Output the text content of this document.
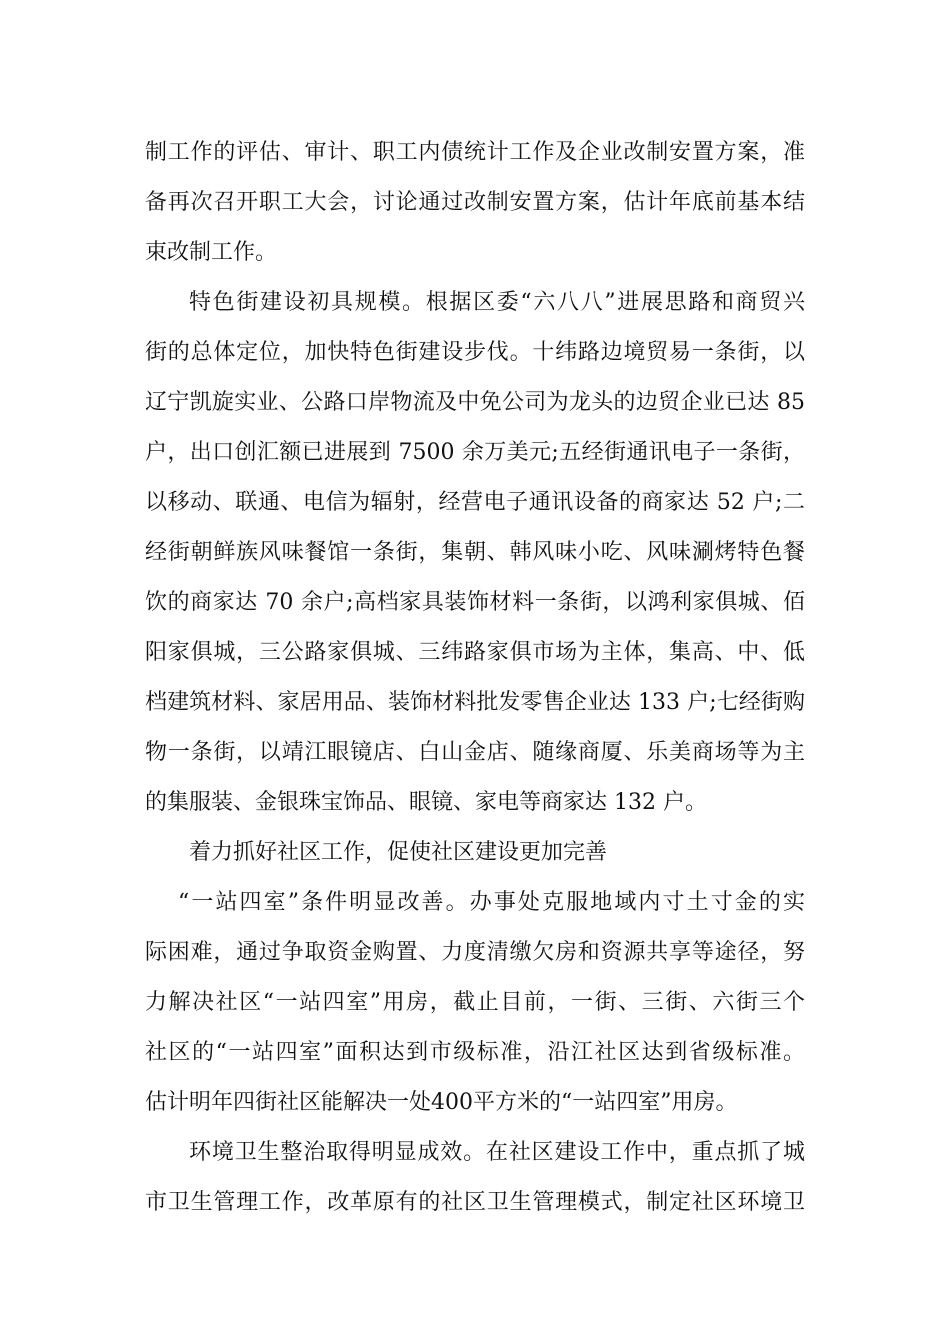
制工作的评估、审计、职工内债统计工作及企业改制安置方案，准
备再次召开职工大会，讨论通过改制安置方案，估计年底前基本结
束改制工作。
特色街建设初具规模。根据区委“六八八”进展思路和商贸兴
街的总体定位，加快特色街建设步伐。十纬路边境贸易一条街，以
辽宁凯旋实业、公路口岸物流及中免公司为龙头的边贸企业已达 85
户，出口创汇额已进展到 7500 余万美元;五经街通讯电子一条街，
以移动、联通、电信为辐射，经营电子通讯设备的商家达 52 户;二
经街朝鲜族风味餐馆一条街，集朝、韩风味小吃、风味涮烤特色餐
饮的商家达 70 余户;高档家具装饰材料一条街，以鸿利家俱城、佰
阳家俱城，三公路家俱城、三纬路家俱市场为主体，集高、中、低
档建筑材料、家居用品、装饰材料批发零售企业达 133 户;七经街购
物一条街，以靖江眼镜店、白山金店、随缘商厦、乐美商场等为主
的集服装、金银珠宝饰品、眼镜、家电等商家达 132 户。
着力抓好社区工作，促使社区建设更加完善
“一站四室”条件明显改善。办事处克服地域内寸土寸金的实
际困难，通过争取资金购置、力度清缴欠房和资源共享等途径，努
力解决社区“一站四室”用房，截止目前，一街、三街、六街三个
社区的“一站四室”面积达到市级标准，沿江社区达到省级标准。
估计明年四街社区能解决一处400平方米的“一站四室”用房。
环境卫生整治取得明显成效。在社区建设工作中，重点抓了城
市卫生管理工作，改革原有的社区卫生管理模式，制定社区环境卫
